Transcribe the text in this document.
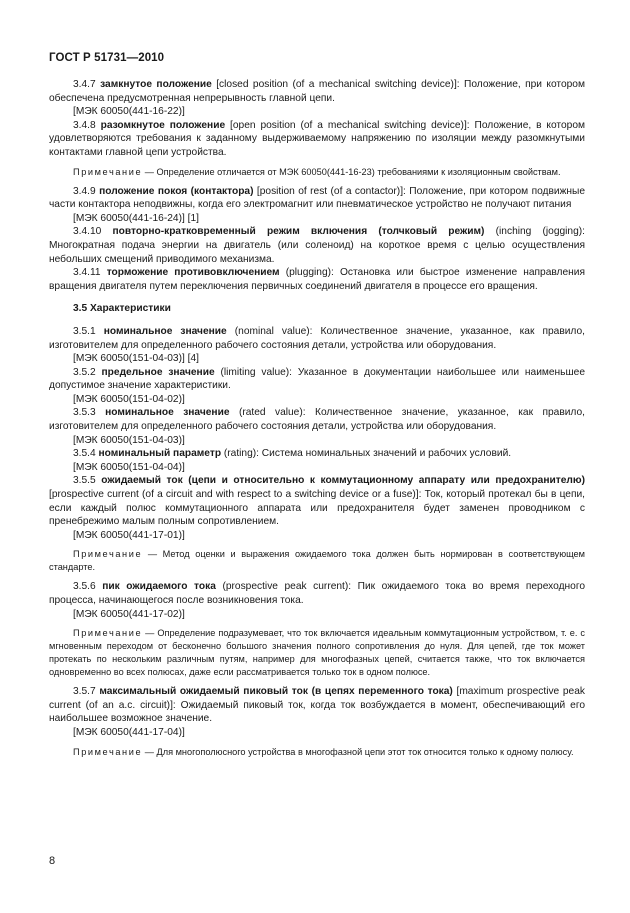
ГОСТ Р 51731—2010

3.4.7 замкнутое положение [closed position (of a mechanical switching device)]: Положение, при котором обеспечена предусмотренная непрерывность главной цепи.

[МЭК 60050(441-16-22)]

3.4.8 разомкнутое положение [open position (of a mechanical switching device)]: Положение, в котором удовлетворяются требования к заданному выдерживаемому напряжению по изоляции между разомкнутыми контактами главной цепи устройства.

Примечание — Определение отличается от МЭК 60050(441-16-23) требованиями к изоляционным свойствам.

3.4.9 положение покоя (контактора) [position of rest (of a contactor)]: Положение, при котором подвижные части контактора неподвижны, когда его электромагнит или пневматическое устройство не получают питания

[МЭК 60050(441-16-24)] [1]

3.4.10 повторно-кратковременный режим включения (толчковый режим) (inching (jogging): Многократная подача энергии на двигатель (или соленоид) на короткое время с целью осуществления небольших смещений приводимого механизма.

3.4.11 торможение противовключением (plugging): Остановка или быстрое изменение направления вращения двигателя путем переключения первичных соединений двигателя в процессе его вращения.

3.5 Характеристики

3.5.1 номинальное значение (nominal value): Количественное значение, указанное, как правило, изготовителем для определенного рабочего состояния детали, устройства или оборудования.

[МЭК 60050(151-04-03)] [4]

3.5.2 предельное значение (limiting value): Указанное в документации наибольшее или наименьшее допустимое значение характеристики.

[МЭК 60050(151-04-02)]

3.5.3 номинальное значение (rated value): Количественное значение, указанное, как правило, изготовителем для определенного рабочего состояния детали, устройства или оборудования.

[МЭК 60050(151-04-03)]

3.5.4 номинальный параметр (rating): Система номинальных значений и рабочих условий.

[МЭК 60050(151-04-04)]

3.5.5 ожидаемый ток (цепи и относительно к коммутационному аппарату или предохранителю) [prospective current (of a circuit and with respect to a switching device or a fuse)]: Ток, который протекал бы в цепи, если каждый полюс коммутационного аппарата или предохранителя будет заменен проводником с пренебрежимо малым полным сопротивлением.

[МЭК 60050(441-17-01)]

Примечание — Метод оценки и выражения ожидаемого тока должен быть нормирован в соответствующем стандарте.

3.5.6 пик ожидаемого тока (prospective peak current): Пик ожидаемого тока во время переходного процесса, начинающегося после возникновения тока.

[МЭК 60050(441-17-02)]

Примечание — Определение подразумевает, что ток включается идеальным коммутационным устройством, т. е. с мгновенным переходом от бесконечно большого значения полного сопротивления до нуля. Для цепей, где ток может протекать по нескольким различным путям, например для многофазных цепей, считается также, что ток включается одновременно во всех полюсах, даже если рассматривается только ток в одном полюсе.

3.5.7 максимальный ожидаемый пиковый ток (в цепях переменного тока) [maximum prospective peak current (of an a.c. circuit)]: Ожидаемый пиковый ток, когда ток возбуждается в момент, обеспечивающий его наибольшее возможное значение.

[МЭК 60050(441-17-04)]

Примечание — Для многополюсного устройства в многофазной цепи этот ток относится только к одному полюсу.

8
